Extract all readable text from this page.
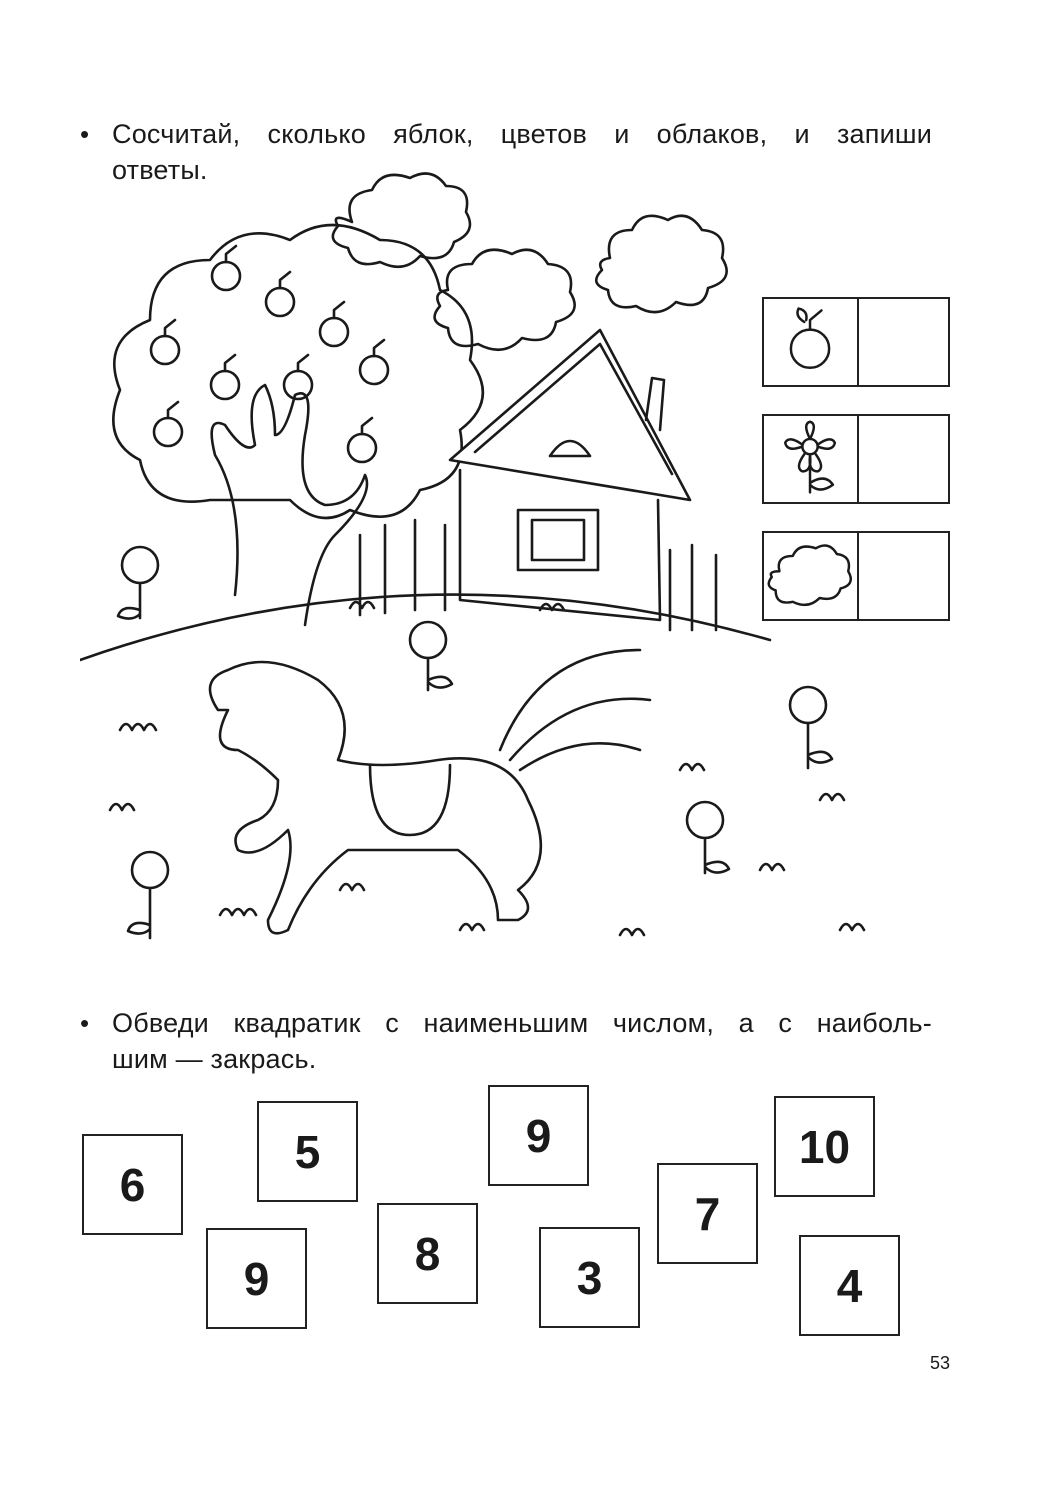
• Сосчитай, сколько яблок, цветов и облаков, и запиши
ответы.
• Обведи квадратик с наименьшим числом, а с наиболь-
шим — закрась.
6
5	9
9	8	3
7
10
4
53
